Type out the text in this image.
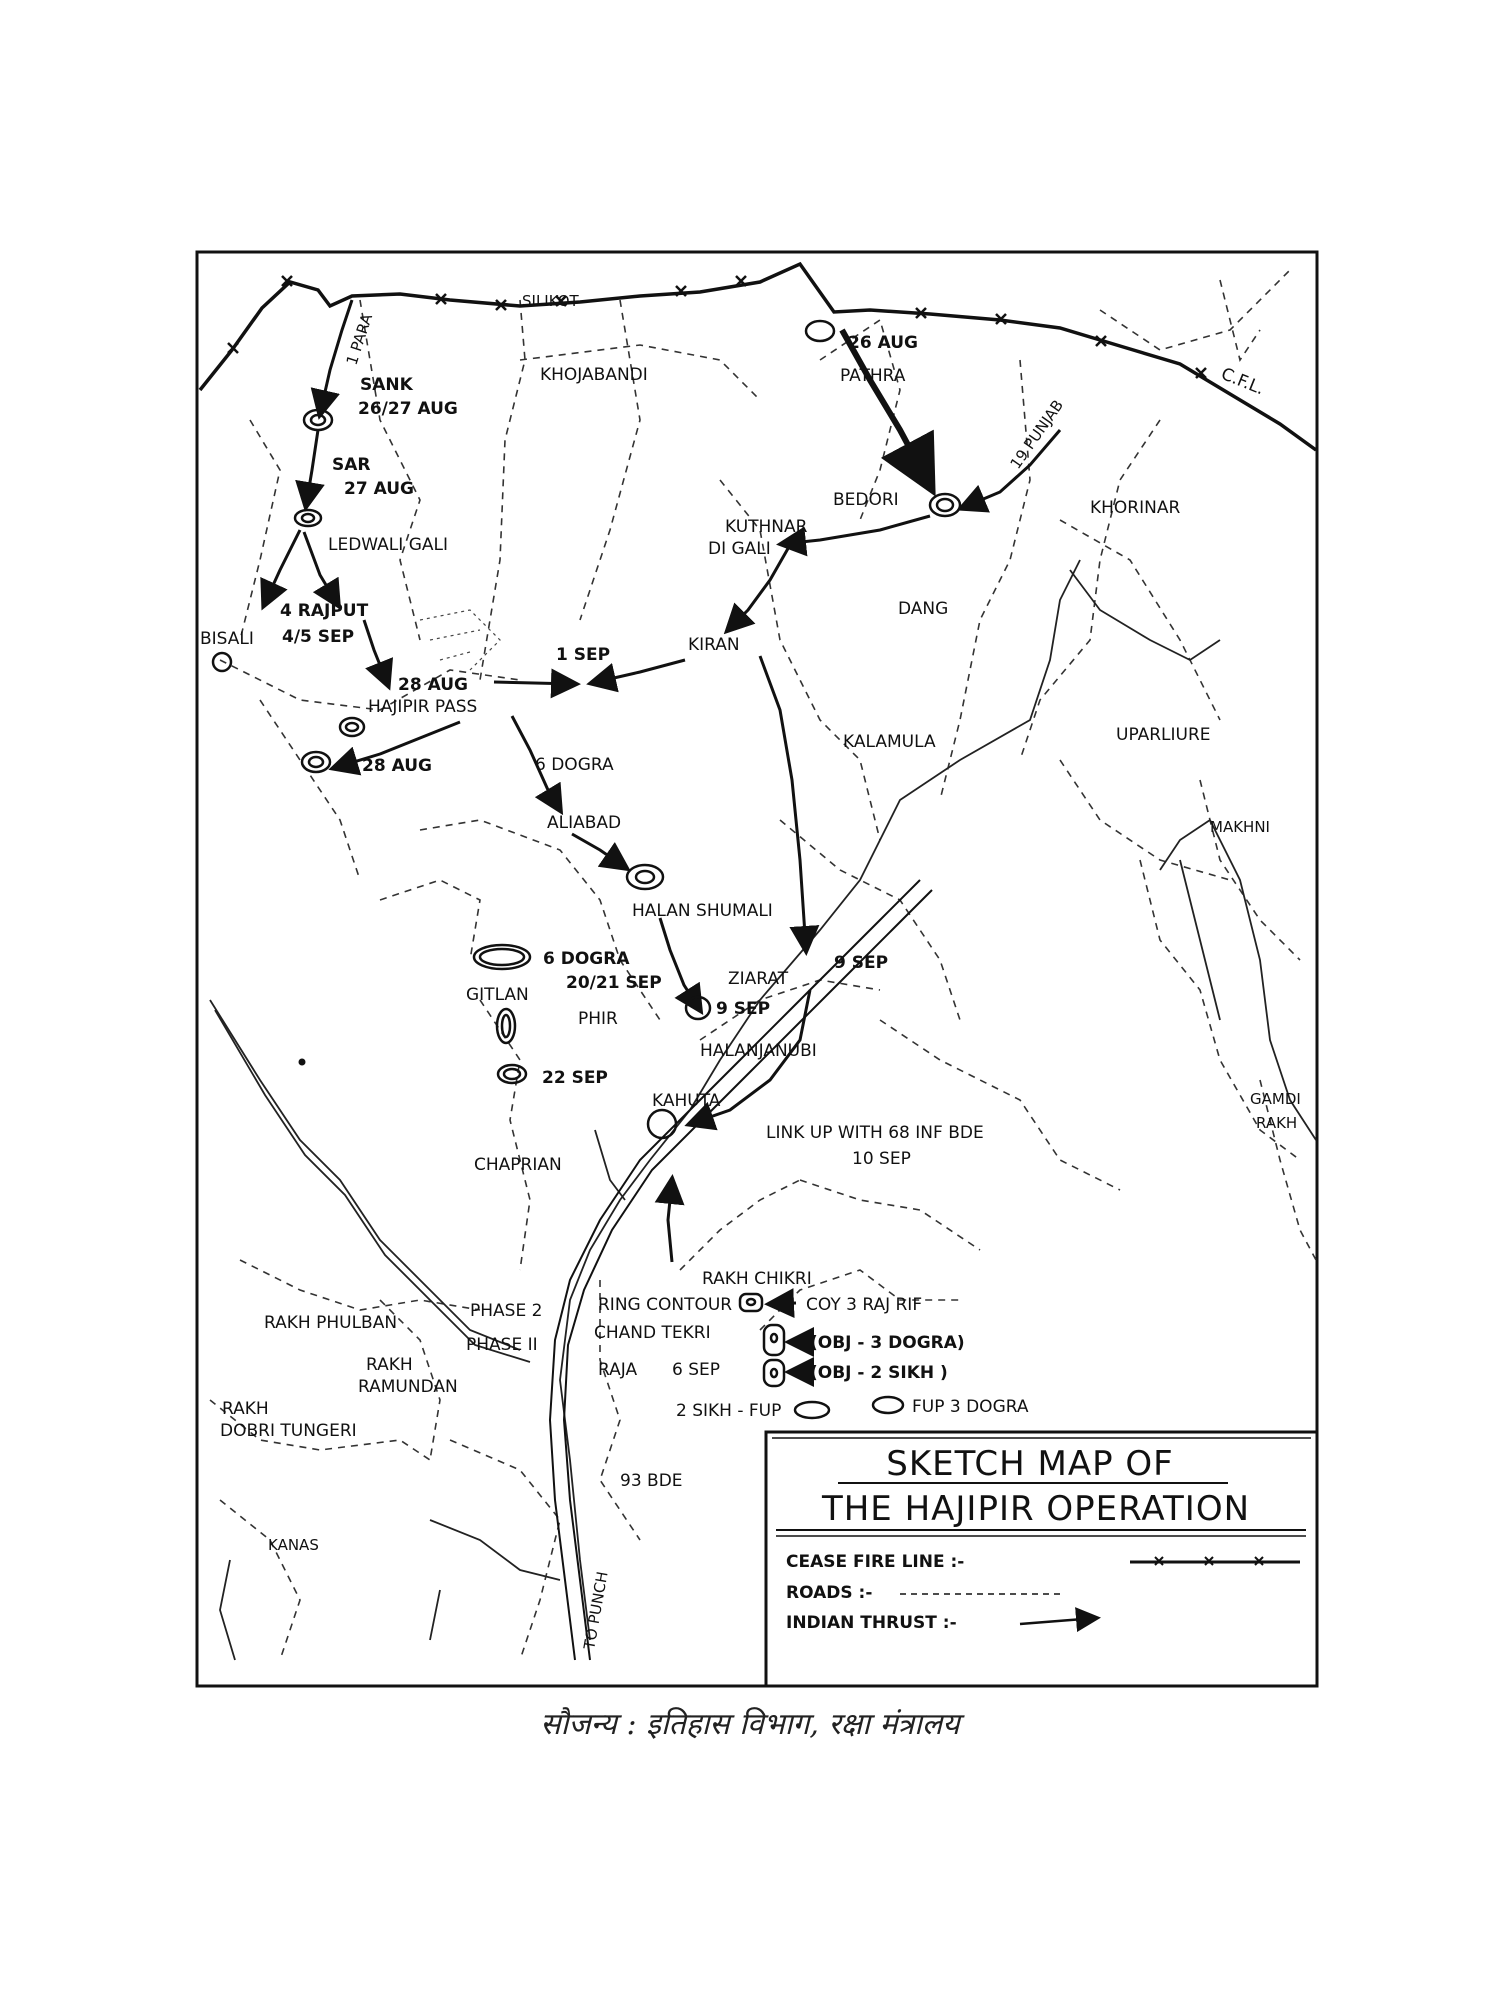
SILIKOT
KHOJABANDI	PATHRA
26 AUG
C.F.L.
19 PUNJAB
KHORINAR
BEDORI
KUTHNAR
DI GALI
DANG
KIRAN
1 SEP
KALAMULA	UPARLIURE
MAKHNI
1 PARA
SANK
26/27 AUG
SAR
27 AUG
LEDWALI GALI
4 RAJPUT
4/5 SEP
BISALI
28 AUG
HAJIPIR PASS
28 AUG	6 DOGRA
ALIABAD
HALAN SHUMALI
6 DOGRA
20/21 SEP
GITLAN
PHIR
22 SEP
ZIARAT
9 SEP
9 SEP
HALANJANUBI
KAHUTA
LINK UP WITH 68 INF BDE
10 SEP
GAMDI
RAKH
CHAPRIAN
RAKH CHIKRI
RING CONTOUR	COY 3 RAJ RIF
CHAND TEKRI	(OBJ - 3 DOGRA)
RAJA 6 SEP	(OBJ - 2 SIKH )
2 SIKH - FUP	FUP 3 DOGRA
PHASE 2
PHASE II
RAKH PHULBAN
RAKH
RAMUNDAN
RAKH
DOBRI TUNGERI
93 BDE
KANAS
TO PUNCH
SKETCH MAP OF
THE HAJIPIR OPERATION
CEASE FIRE LINE :-
ROADS :-
INDIAN THRUST :-
सौजन्य : इतिहास विभाग, रक्षा मंत्रालय
